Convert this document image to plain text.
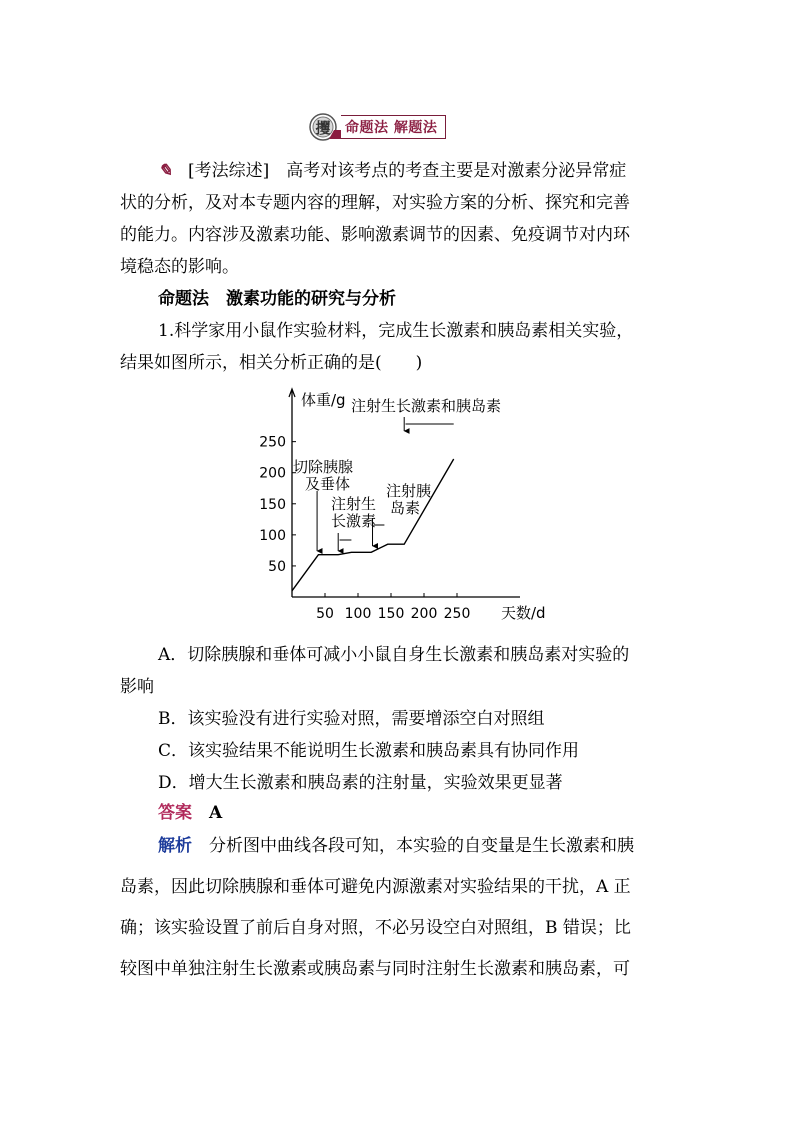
攫 命题法 解题法
✎ [考法综述]　 高考对该考点的考查主要是对激素分泌异常症
状的分析，及对本专题内容的理解，对实验方案的分析、探究和完善
的能力。内容涉及激素功能、影响激素调节的因素、免疫调节对内环
境稳态的影响。
命题法　激素功能的研究与分析
1.科学家用小鼠作实验材料，完成生长激素和胰岛素相关实验，
结果如图所示，相关分析正确的是(　　)
50
100
150
200
250
50 100 150 200 250
体重/g
天数/d
切除胰腺
及垂体
注射生
长激素
注射胰
岛素
注射生长激素和胰岛素
A．切除胰腺和垂体可减小小鼠自身生长激素和胰岛素对实验的
影响
B．该实验没有进行实验对照，需要增添空白对照组
C．该实验结果不能说明生长激素和胰岛素具有协同作用
D．增大生长激素和胰岛素的注射量，实验效果更显著
答案　 A
解析　 分析图中曲线各段可知，本实验的自变量是生长激素和胰
岛素，因此切除胰腺和垂体可避免内源激素对实验结果的干扰，A 正
确；该实验设置了前后自身对照，不必另设空白对照组，B 错误；比
较图中单独注射生长激素或胰岛素与同时注射生长激素和胰岛素，可
